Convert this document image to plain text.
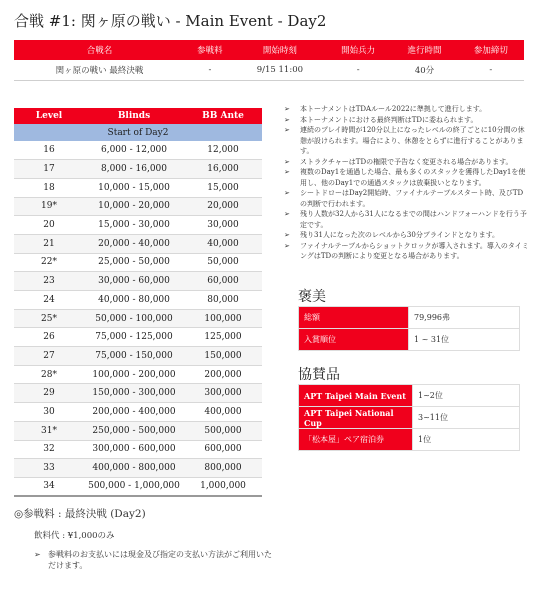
合戦 #1: 関ヶ原の戦い - Main Event - Day2
合戦名	参戦料	開始時刻	開始兵力	進行時間	参加締切
関ヶ原の戦い 最終決戦	-	9/15 11:00	-	40分	-
Level	Blinds	BB Ante
Start of Day2		
16	6,000 - 12,000	12,000
17	8,000 - 16,000	16,000
18	10,000 - 15,000	15,000
19*	10,000 - 20,000	20,000
20	15,000 - 30,000	30,000
21	20,000 - 40,000	40,000
22*	25,000 - 50,000	50,000
23	30,000 - 60,000	60,000
24	40,000 - 80,000	80,000
25*	50,000 - 100,000	100,000
26	75,000 - 125,000	125,000
27	75,000 - 150,000	150,000
28*	100,000 - 200,000	200,000
29	150,000 - 300,000	300,000
30	200,000 - 400,000	400,000
31*	250,000 - 500,000	500,000
32	300,000 - 600,000	600,000
33	400,000 - 800,000	800,000
34	500,000 - 1,000,000	1,000,000
➢ 本トーナメントはTDAルール2022に準拠して進行します。
➢ 本トーナメントにおける最終判断はTDに委ねられます。
➢ 連続のプレイ時間が120分以上になったレベルの終了ごとに10分間の休憩が設けられます。場合により、休憩をとらずに進行することがあります。
➢ ストラクチャーはTDの権限で予告なく変更される場合があります。
➢ 複数のDay1を通過した場合、最も多くのスタックを獲得したDay1を使用し、他のDay1での通過スタックは放棄扱いとなります。
➢ シートドローはDay2開始時、ファイナルテーブルスタート時、及びTDの判断で行われます。
➢ 残り人数が32人から31人になるまでの間はハンドフォーハンドを行う予定です。
➢ 残り31人になった次のレベルから30分ブラインドとなります。
➢ ファイナルテーブルからショットクロックが導入されます。導入のタイミングはTDの判断により変更となる場合があります。
褒美
総額	79,996弗
入賞順位	1 ~ 31位
協賛品
APT Taipei Main Event	1~2位
APT Taipei National Cup	3~11位
「松本屋」ペア宿泊券	1位
◎参戦料 : 最終決戦 (Day2)
飲料代 : ¥1,000のみ
➢ 参戦料のお支払いには現金及び指定の支払い方法がご利用いただけます。
